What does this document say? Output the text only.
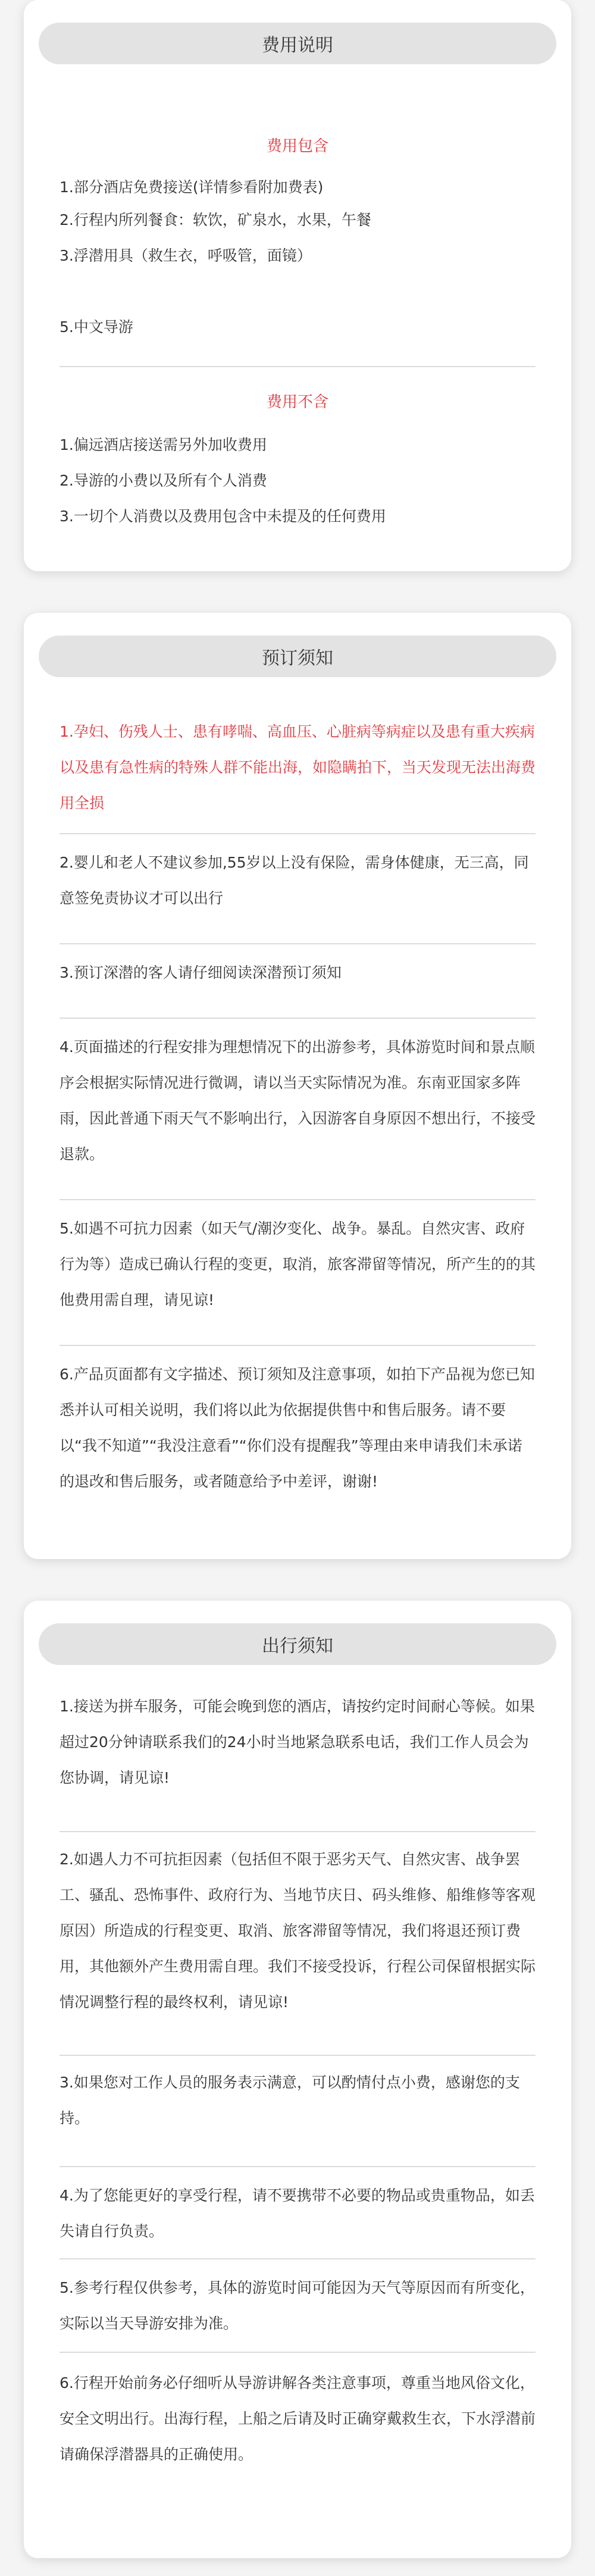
费用说明
费用包含
1.部分酒店免费接送(详情参看附加费表)
2.行程内所列餐食：软饮，矿泉水，水果，午餐
3.浮潜用具（救生衣，呼吸管，面镜）
5.中文导游
费用不含
1.偏远酒店接送需另外加收费用
2.导游的小费以及所有个人消费
3.一切个人消费以及费用包含中未提及的任何费用
预订须知
1.孕妇、伤残人士、患有哮喘、高血压、心脏病等病症以及患有重大疾病以及患有急性病的特殊人群不能出海，如隐瞒拍下，当天发现无法出海费用全损
2.婴儿和老人不建议参加,55岁以上没有保险，需身体健康，无三高，同意签免责协议才可以出行
3.预订深潜的客人请仔细阅读深潜预订须知
4.页面描述的行程安排为理想情况下的出游参考，具体游览时间和景点顺序会根据实际情况进行微调，请以当天实际情况为准。东南亚国家多阵雨，因此普通下雨天气不影响出行，入因游客自身原因不想出行，不接受退款。
5.如遇不可抗力因素（如天气/潮汐变化、战争。暴乱。自然灾害、政府行为等）造成已确认行程的变更，取消，旅客滞留等情况，所产生的的其他费用需自理，请见谅!
6.产品页面都有文字描述、预订须知及注意事项，如拍下产品视为您已知悉并认可相关说明，我们将以此为依据提供售中和售后服务。请不要以“我不知道”“我没注意看”“你们没有提醒我”等理由来申请我们未承诺的退改和售后服务，或者随意给予中差评，谢谢!
出行须知
1.接送为拼车服务，可能会晚到您的酒店，请按约定时间耐心等候。如果超过20分钟请联系我们的24小时当地紧急联系电话，我们工作人员会为您协调，请见谅!
2.如遇人力不可抗拒因素（包括但不限于恶劣天气、自然灾害、战争罢工、骚乱、恐怖事件、政府行为、当地节庆日、码头维修、船维修等客观原因）所造成的行程变更、取消、旅客滞留等情况，我们将退还预订费用，其他额外产生费用需自理。我们不接受投诉，行程公司保留根据实际情况调整行程的最终权利，请见谅!
3.如果您对工作人员的服务表示满意，可以酌情付点小费，感谢您的支持。
4.为了您能更好的享受行程，请不要携带不必要的物品或贵重物品，如丢失请自行负责。
5.参考行程仅供参考，具体的游览时间可能因为天气等原因而有所变化，实际以当天导游安排为准。
6.行程开始前务必仔细听从导游讲解各类注意事项，尊重当地风俗文化，安全文明出行。出海行程，上船之后请及时正确穿戴救生衣，下水浮潜前请确保浮潜器具的正确使用。
